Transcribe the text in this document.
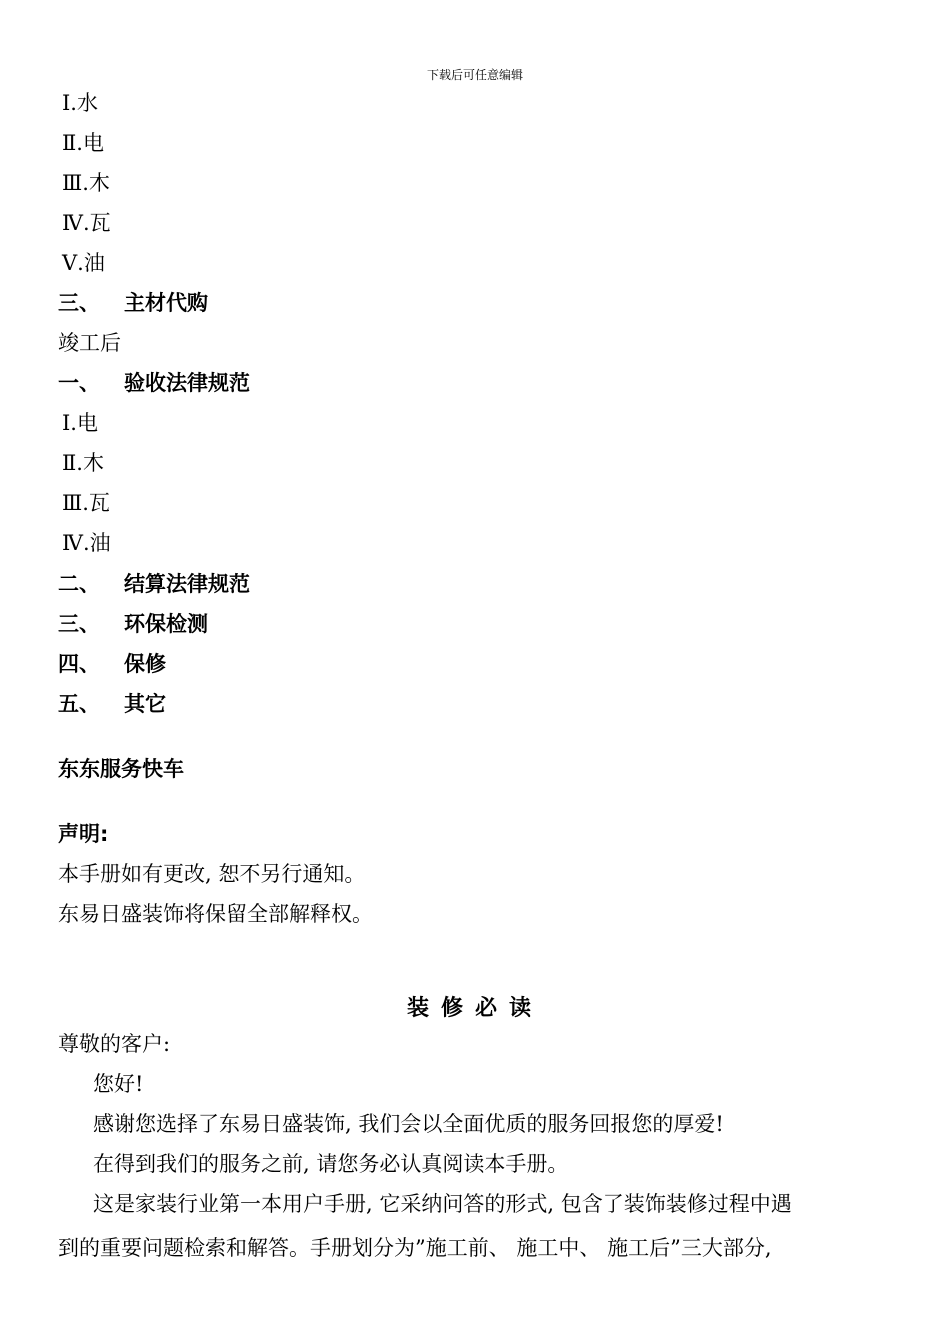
下载后可任意编辑
Ⅰ.水
Ⅱ.电
Ⅲ.木
Ⅳ.瓦
Ⅴ.油
三、 主材代购
竣工后
一、 验收法律规范
Ⅰ.电
Ⅱ.木
Ⅲ.瓦
Ⅳ.油
二、 结算法律规范
三、 环保检测
四、 保修
五、 其它
东东服务快车
声明:
本手册如有更改, 恕不另行通知。
东易日盛装饰将保留全部解释权。
装修必读
尊敬的客户:
您好!
感谢您选择了东易日盛装饰, 我们会以全面优质的服务回报您的厚爱!
在得到我们的服务之前, 请您务必认真阅读本手册。
这是家装行业第一本用户手册, 它采纳问答的形式, 包含了装饰装修过程中遇
到的重要问题检索和解答。手册划分为”施工前、 施工中、 施工后”三大部分,
